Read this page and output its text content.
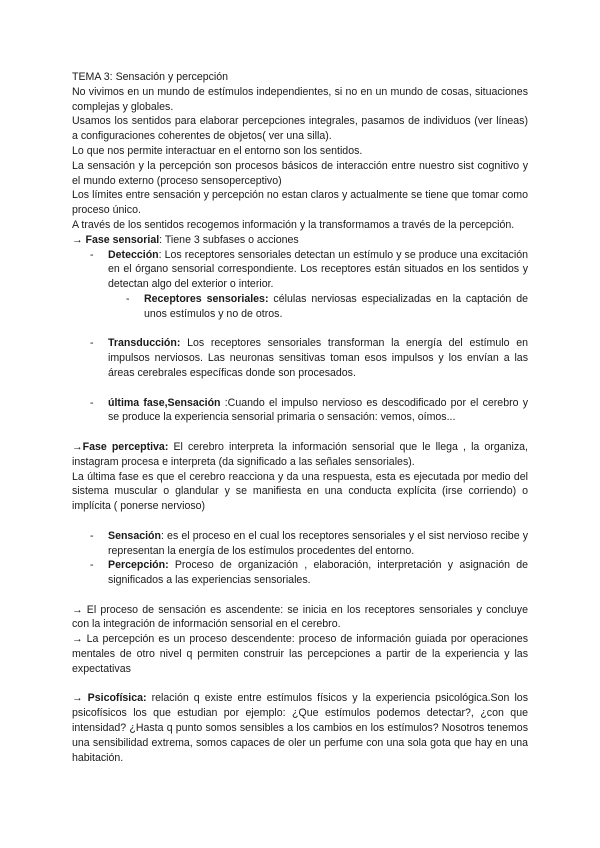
TEMA 3: Sensación y percepción

No vivimos en un mundo de estímulos independientes, si no en un mundo de cosas, situaciones complejas y globales.

Usamos los sentidos para elaborar percepciones integrales, pasamos de individuos (ver líneas) a configuraciones coherentes de objetos( ver una silla).

Lo que nos permite interactuar en el entorno son los sentidos.

La sensación y la percepción son procesos básicos de interacción entre nuestro sist cognitivo y el mundo externo (proceso sensoperceptivo)

Los límites entre sensación y percepción no estan claros y actualmente se tiene que tomar como proceso único.

A través de los sentidos recogemos información y la transformamos a través de la percepción.

→ Fase sensorial: Tiene 3 subfases o acciones

- Detección: Los receptores sensoriales detectan un estímulo y se produce una excitación en el órgano sensorial correspondiente. Los receptores están situados en los sentidos y detectan algo del exterior o interior.

- Receptores sensoriales: células nerviosas especializadas en la captación de unos estímulos y no de otros.

- Transducción: Los receptores sensoriales transforman la energía del estímulo en impulsos nerviosos. Las neuronas sensitivas toman esos impulsos y los envían a las áreas cerebrales específicas donde son procesados.

- última fase,Sensación :Cuando el impulso nervioso es descodificado por el cerebro y se produce la experiencia sensorial primaria o sensación: vemos, oímos...

→Fase perceptiva: El cerebro interpreta la información sensorial que le llega , la organiza, instagram procesa e interpreta (da significado a las señales sensoriales).

La última fase es que el cerebro reacciona y da una respuesta, esta es ejecutada por medio del sistema muscular o glandular y se manifiesta en una conducta explícita (irse corriendo) o implícita ( ponerse nervioso)

- Sensación: es el proceso en el cual los receptores sensoriales y el sist nervioso recibe y representan la energía de los estímulos procedentes del entorno.

- Percepción: Proceso de organización , elaboración, interpretación y asignación de significados a las experiencias sensoriales.

→ El proceso de sensación es ascendente: se inicia en los receptores sensoriales y concluye con la integración de información sensorial en el cerebro.

→ La percepción es un proceso descendente: proceso de información guiada por operaciones mentales de otro nivel q permiten construir las percepciones a partir de la experiencia y las expectativas

→ Psicofísica: relación q existe entre estímulos físicos y la experiencia psicológica.Son los psicofísicos los que estudian por ejemplo: ¿Que estímulos podemos detectar?, ¿con que intensidad? ¿Hasta q punto somos sensibles a los cambios en los estímulos? Nosotros tenemos una sensibilidad extrema, somos capaces de oler un perfume con una sola gota que hay en una habitación.
